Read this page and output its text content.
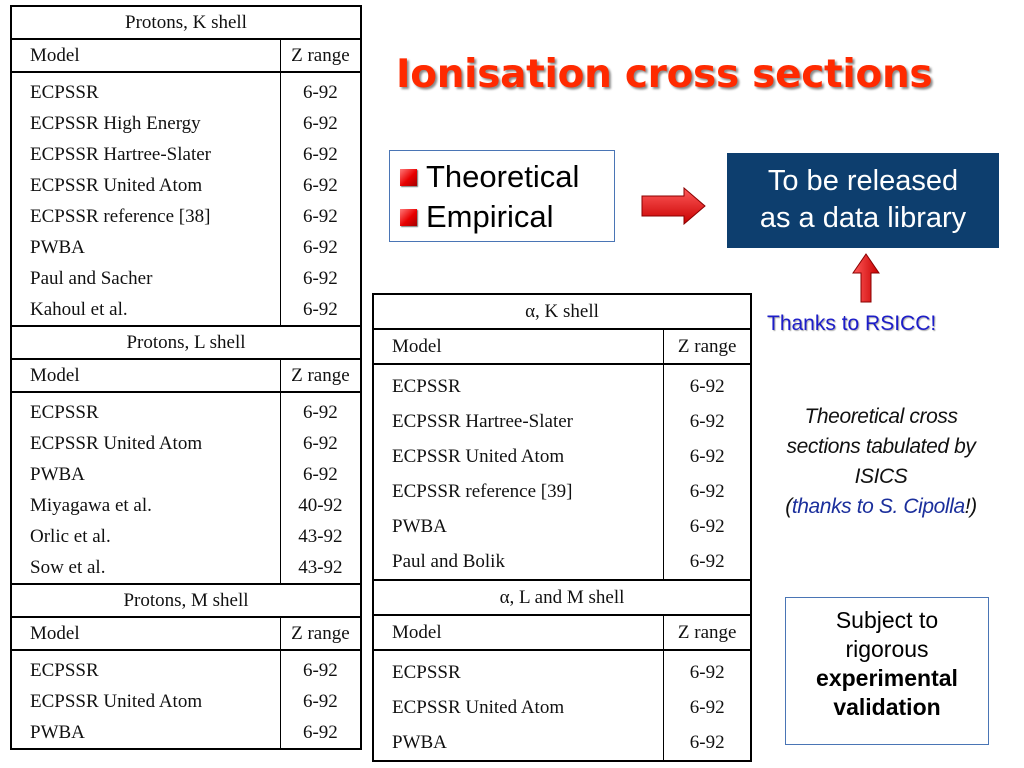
Protons, K shell	
Model	Z range
ECPSSR	6-92
ECPSSR High Energy	6-92
ECPSSR Hartree-Slater	6-92
ECPSSR United Atom	6-92
ECPSSR reference [38]	6-92
PWBA	6-92
Paul and Sacher	6-92
Kahoul et al.	6-92
Protons, L shell	
Model	Z range
ECPSSR	6-92
ECPSSR United Atom	6-92
PWBA	6-92
Miyagawa et al.	40-92
Orlic et al.	43-92
Sow et al.	43-92
Protons, M shell	
Model	Z range
ECPSSR	6-92
ECPSSR United Atom	6-92
PWBA	6-92
α, K shell	
Model	Z range
ECPSSR	6-92
ECPSSR Hartree-Slater	6-92
ECPSSR United Atom	6-92
ECPSSR reference [39]	6-92
PWBA	6-92
Paul and Bolik	6-92
α, L and M shell	
Model	Z range
ECPSSR	6-92
ECPSSR United Atom	6-92
PWBA	6-92
Ionisation cross sections
Theoretical
Empirical
To be released
as a data library
Thanks to RSICC!
Theoretical cross
sections tabulated by
ISICS
(thanks to S. Cipolla!)
Subject to
rigorous
experimental
validation
